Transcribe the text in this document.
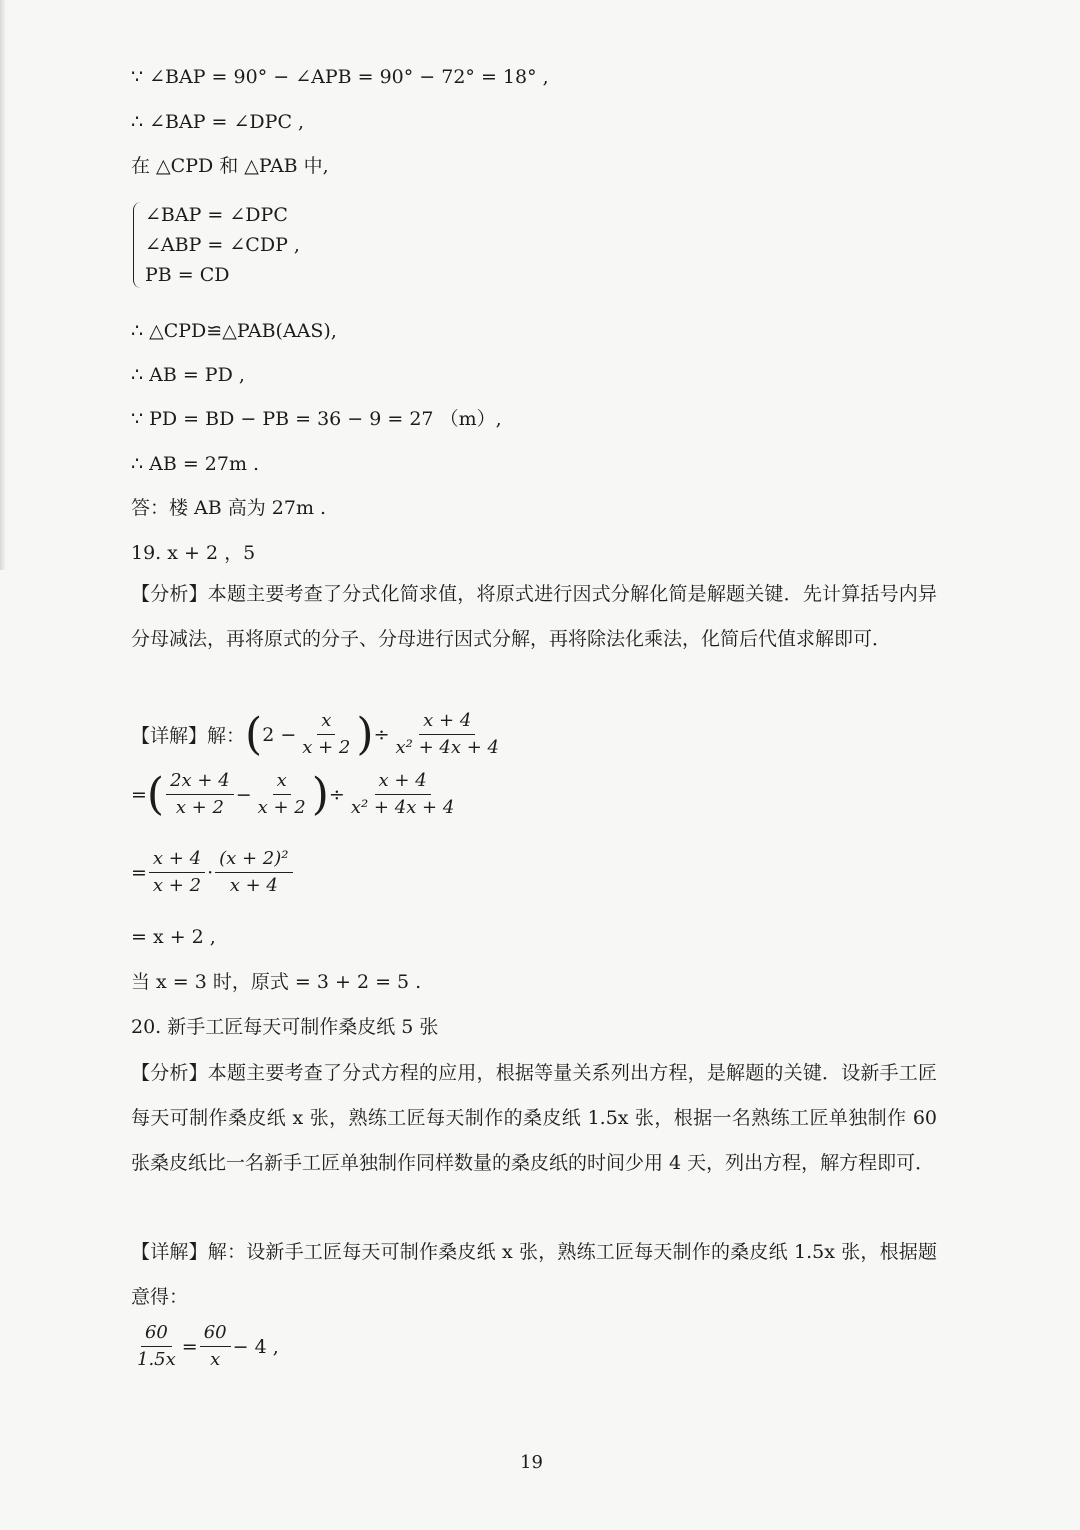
∵ ∠BAP = 90° − ∠APB = 90° − 72° = 18° ,
∴ ∠BAP = ∠DPC ,
在 △CPD 和 △PAB 中,
∠BAP = ∠DPC
∠ABP = ∠CDP ,
PB = CD
∴ △CPD≌△PAB(AAS),
∴ AB = PD ,
∵ PD = BD − PB = 36 − 9 = 27 （m）,
∴ AB = 27m .
答：楼 AB 高为 27m .
19. x + 2 ，5
【分析】本题主要考查了分式化简求值，将原式进行因式分解化简是解题关键．先计算括号内异分母减法，再将原式的分子、分母进行因式分解，再将除法化乘法，化简后代值求解即可．
【详解】解： ( $2 - \frac{x}{x + 2}$ ) ÷ $\frac{x + 4}{\text{x² + 4x + 4}}$
= ( $\frac{2x + 4}{x + 2} - \frac{x}{x + 2}$ ) ÷ $\frac{x + 4}{\text{x² + 4x + 4}}$
= $\frac{x + 4}{x + 2} \cdot \frac{\text{(x + 2)²}}{x + 4}$
= x + 2 ,
当 x = 3 时，原式 = 3 + 2 = 5 .
20. 新手工匠每天可制作桑皮纸 5 张
【分析】本题主要考查了分式方程的应用，根据等量关系列出方程，是解题的关键．设新手工匠每天可制作桑皮纸 x 张，熟练工匠每天制作的桑皮纸 1.5x 张，根据一名熟练工匠单独制作 60 张桑皮纸比一名新手工匠单独制作同样数量的桑皮纸的时间少用 4 天，列出方程，解方程即可．
【详解】解：设新手工匠每天可制作桑皮纸 x 张，熟练工匠每天制作的桑皮纸 1.5x 张，根据题意得：
$\frac{60}{1.5x} = \frac{60}{x} - 4$ ,
19
